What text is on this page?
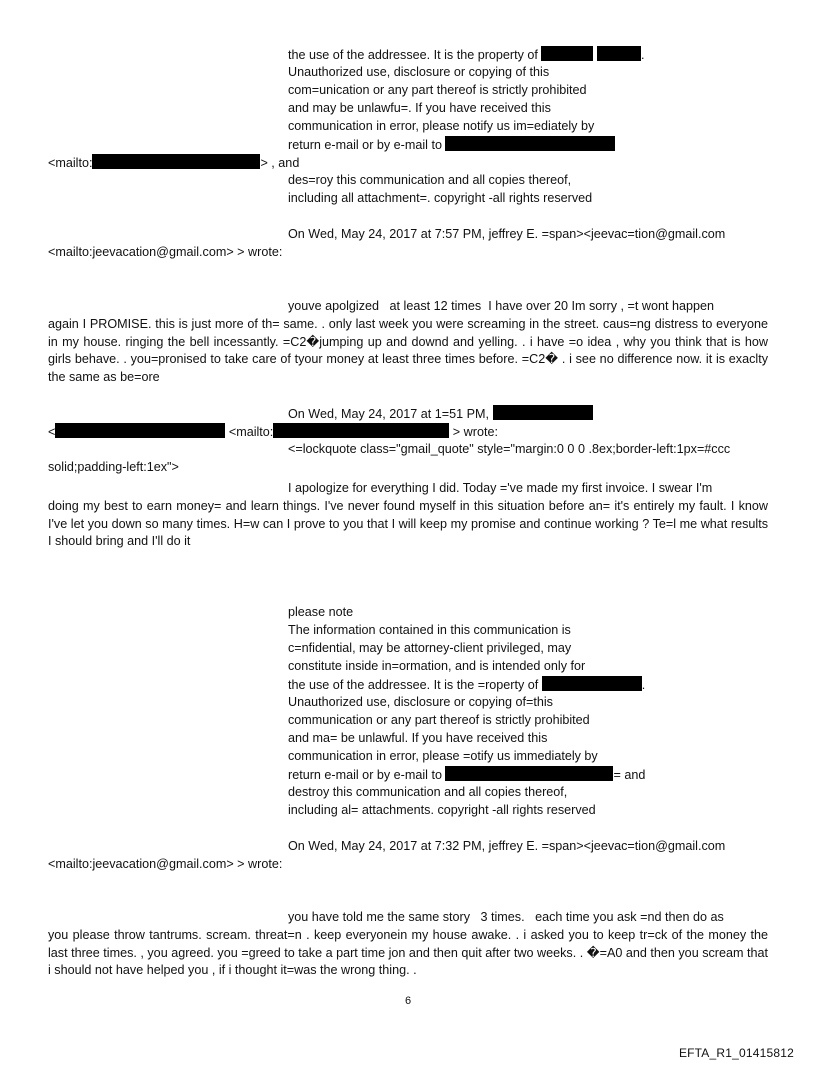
the use of the addressee. It is the property of	.
Unauthorized use, disclosure or copying of this
com=unication or any part thereof is strictly prohibited
and may be unlawfu=. If you have received this
communication in error, please notify us im=ediately by
return e-mail or by e-mail to
<mailto:	> , and
des=roy this communication and all copies thereof,
including all attachment=. copyright -all rights reserved
On Wed, May 24, 2017 at 7:57 PM, jeffrey E. =span><jeevac=tion@gmail.com
<mailto:jeevacation@gmail.com> > wrote:
youve apolgized   at least 12 times  I have over 20 Im sorry , =t wont happen
again I PROMISE. this is just more of th= same. . only last week you were screaming in the street. caus=ng distress to everyone in my house. ringing the bell incessantly. =C2�jumping up and downd and yelling. . i have =o idea , why you think that is how girls behave. . you=pronised to take care of tyour money at least three times before. =C2� . i see no difference now. it is exaclty the same as be=ore
On Wed, May 24, 2017 at 1=51 PM,
<	<mailto:	> wrote:
<=lockquote class="gmail_quote" style="margin:0 0 0 .8ex;border-left:1px=#ccc
solid;padding-left:1ex">
I apologize for everything I did. Today ='ve made my first invoice. I swear I'm
doing my best to earn money= and learn things. I've never found myself in this situation before an= it's entirely my fault. I know I've let you down so many times. H=w can I prove to you that I will keep my promise and continue working ? Te=l me what results I should bring and I'll do it
please note
The information contained in this communication is
c=nfidential, may be attorney-client privileged, may
constitute inside in=ormation, and is intended only for
the use of the addressee. It is the =roperty of	.
Unauthorized use, disclosure or copying of=this
communication or any part thereof is strictly prohibited
and ma= be unlawful. If you have received this
communication in error, please =otify us immediately by
return e-mail or by e-mail to	= and
destroy this communication and all copies thereof,
including al= attachments. copyright -all rights reserved
On Wed, May 24, 2017 at 7:32 PM, jeffrey E. =span><jeevac=tion@gmail.com
<mailto:jeevacation@gmail.com> > wrote:
you have told me the same story   3 times.   each time you ask =nd then do as
you please throw tantrums. scream. threat=n . keep everyonein my house awake. . i asked you to keep tr=ck of the money the last three times. , you agreed. you =greed to take a part time jon and then quit after two weeks. . �=A0 and then you scream that i should not have helped you , if i thought it=was the wrong thing. .
6
EFTA_R1_01415812
